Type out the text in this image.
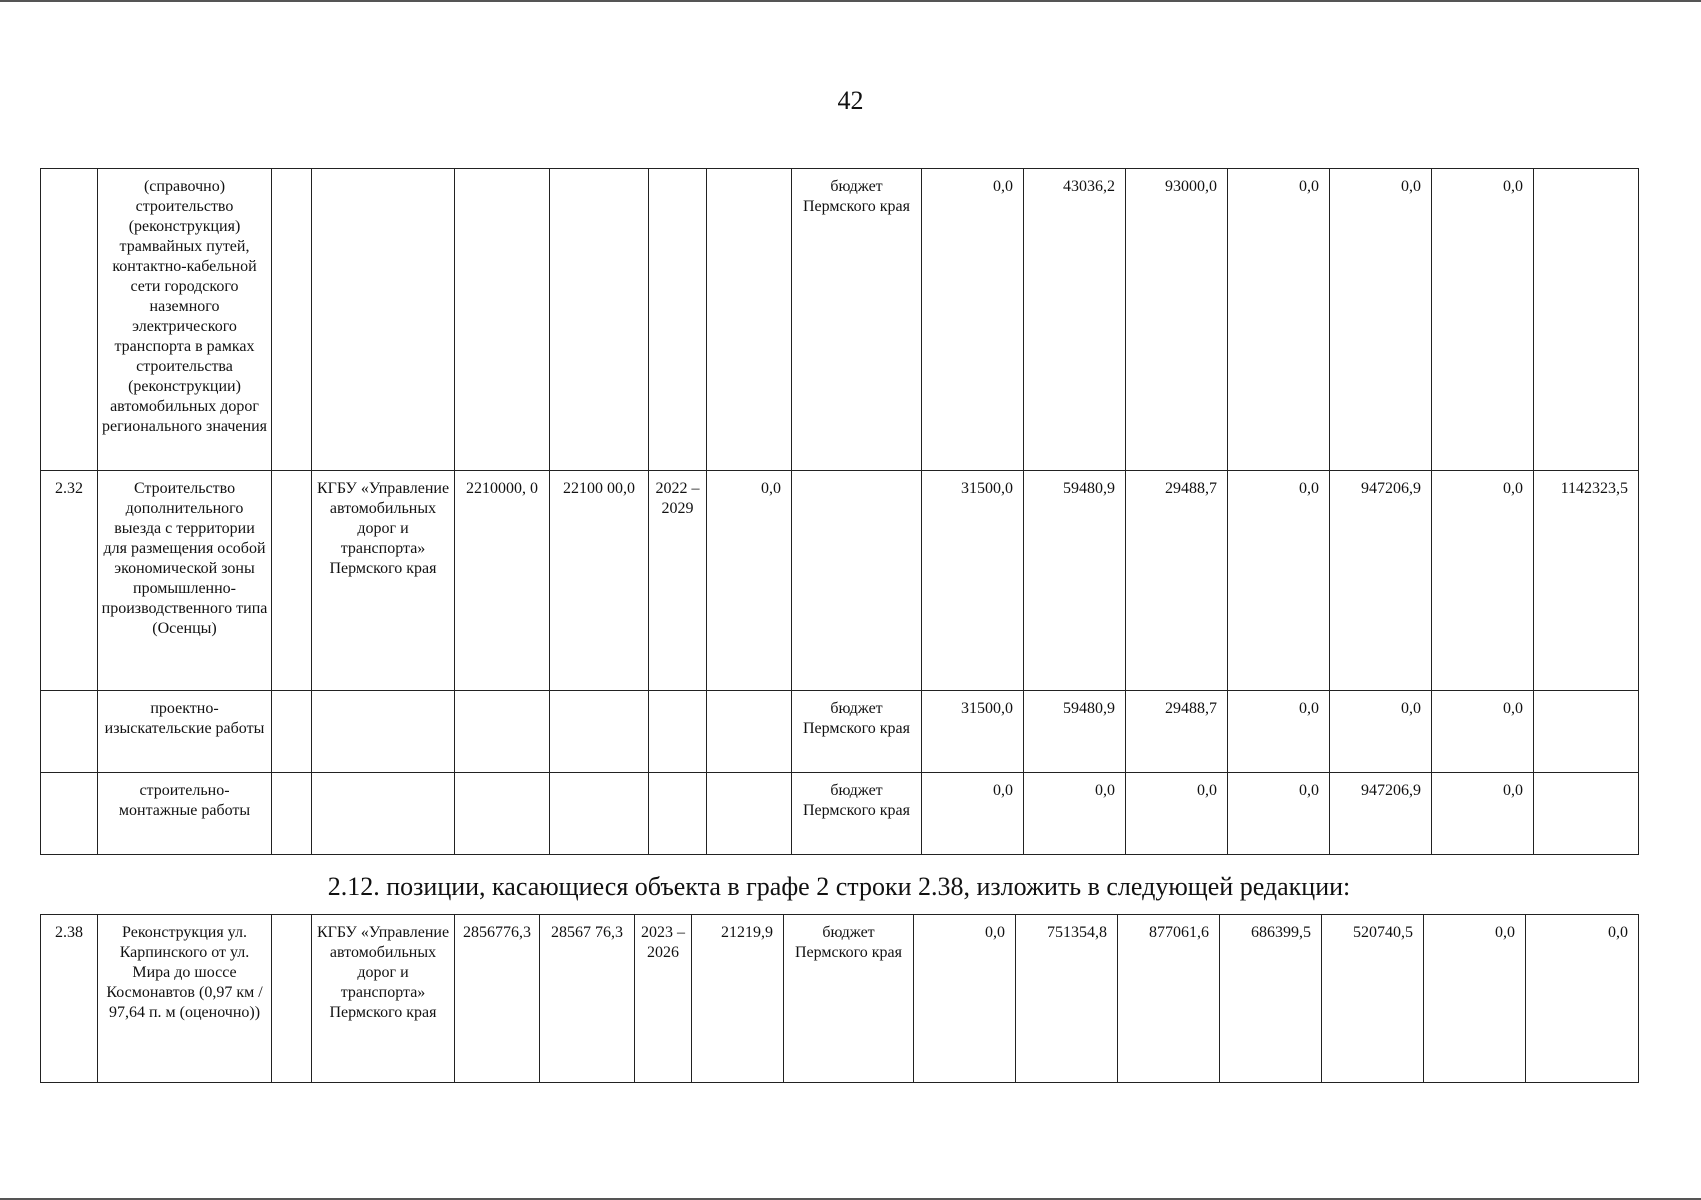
42
	(справочно) строительство (реконструкция) трамвайных путей, контактно-кабельной сети городского наземного электрического транспорта в рамках строительства (реконструкции) автомобильных дорог регионального значения							бюджет Пермского края	0,0	43036,2	93000,0	0,0	0,0	0,0	
2.32	Строительство дополнительного выезда с территории для размещения особой экономической зоны промышленно-производственного типа (Осенцы)		КГБУ «Управление автомобильных дорог и транспорта» Пермского края	2210000, 0	22100 00,0	2022 – 2029	0,0		31500,0	59480,9	29488,7	0,0	947206,9	0,0	1142323,5
	проектно-изыскательские работы							бюджет Пермского края	31500,0	59480,9	29488,7	0,0	0,0	0,0	
	строительно-монтажные работы							бюджет Пермского края	0,0	0,0	0,0	0,0	947206,9	0,0	
2.12. позиции, касающиеся объекта в графе 2 строки 2.38, изложить в следующей редакции:
2.38	Реконструкция ул. Карпинского от ул. Мира до шоссе Космонавтов (0,97 км / 97,64 п. м (оценочно))		КГБУ «Управление автомобильных дорог и транспорта» Пермского края	2856776,3	28567 76,3	2023 – 2026	21219,9	бюджет Пермского края	0,0	751354,8	877061,6	686399,5	520740,5	0,0	0,0
